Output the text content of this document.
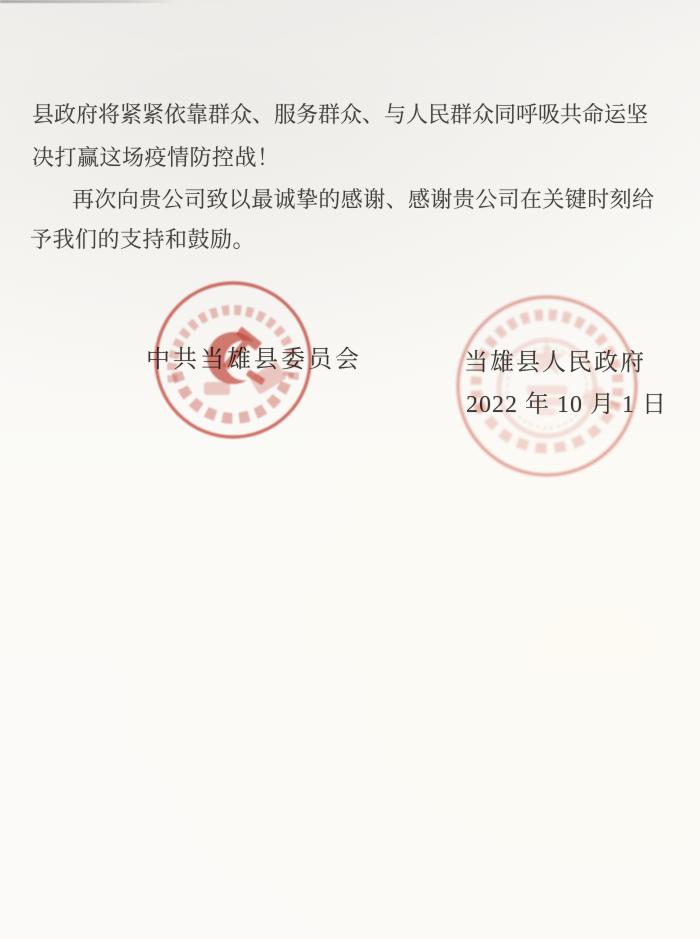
县政府将紧紧依靠群众、服务群众、与人民群众同呼吸共命运坚
决打赢这场疫情防控战！
再次向贵公司致以最诚挚的感谢、感谢贵公司在关键时刻给
予我们的支持和鼓励。
中共当雄县委员会	当雄县人民政府
2022 年 10 月 1 日
